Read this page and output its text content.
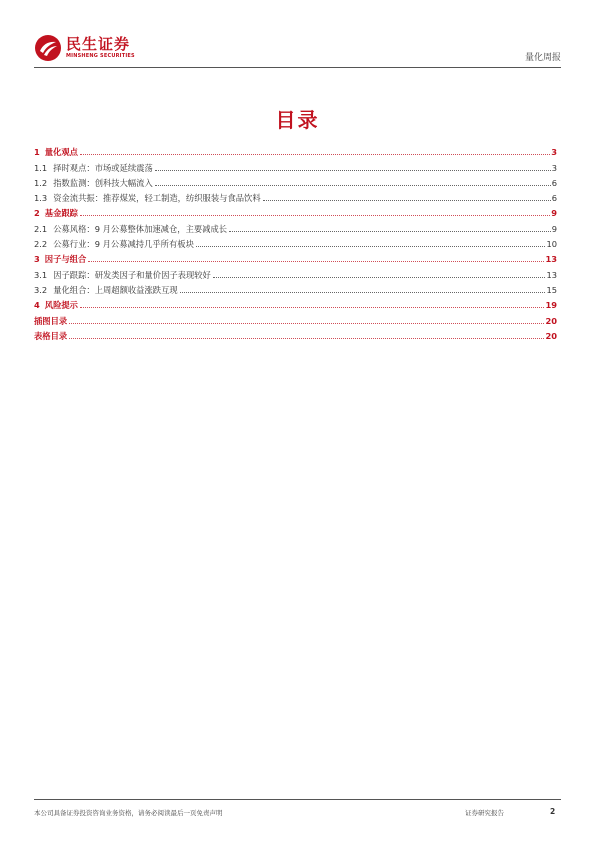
民生证券
MINSHENG SECURITIES	量化周报
目录
1 量化观点	3
1.1 择时观点：市场或延续震荡	3
1.2 指数监测：创科技大幅流入	6
1.3 资金流共振：推荐煤炭，轻工制造，纺织服装与食品饮料	6
2 基金跟踪	9
2.1 公募风格：9 月公募整体加速减仓，主要减成长	9
2.2 公募行业：9 月公募减持几乎所有板块	10
3 因子与组合	13
3.1 因子跟踪：研发类因子和量价因子表现较好	13
3.2 量化组合：上周超额收益涨跌互现	15
4 风险提示	19
插图目录	20
表格目录	20
本公司具备证券投资咨询业务资格，请务必阅读最后一页免责声明	证券研究报告	2
